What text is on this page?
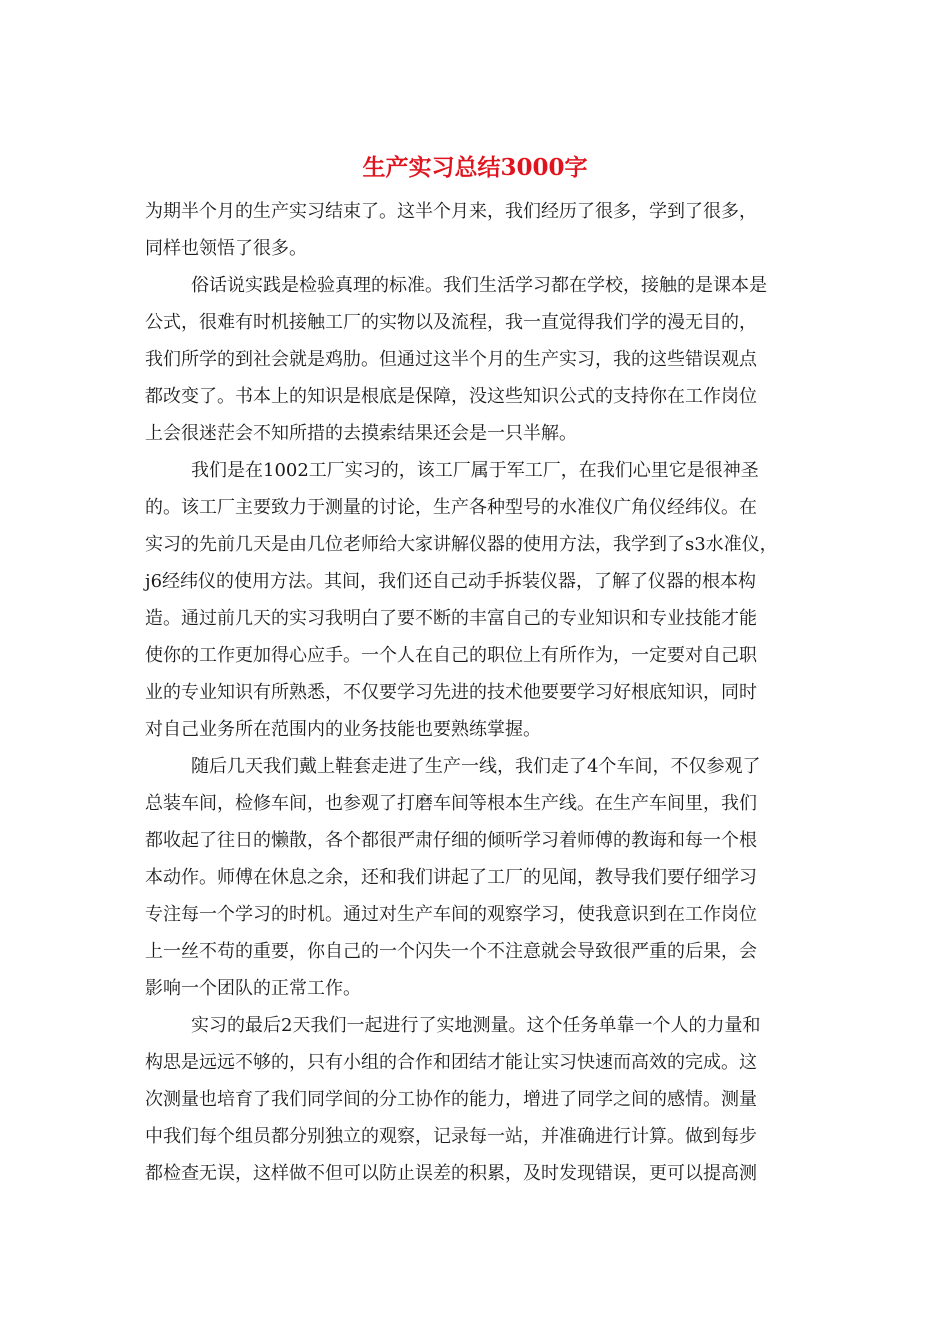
生产实习总结3000字
为期半个月的生产实习结束了。这半个月来，我们经历了很多，学到了很多，
同样也领悟了很多。
俗话说实践是检验真理的标准。我们生活学习都在学校，接触的是课本是
公式，很难有时机接触工厂的实物以及流程，我一直觉得我们学的漫无目的，
我们所学的到社会就是鸡肋。但通过这半个月的生产实习，我的这些错误观点
都改变了。书本上的知识是根底是保障，没这些知识公式的支持你在工作岗位
上会很迷茫会不知所措的去摸索结果还会是一只半解。
我们是在1002工厂实习的，该工厂属于军工厂，在我们心里它是很神圣
的。该工厂主要致力于测量的讨论，生产各种型号的水准仪广角仪经纬仪。在
实习的先前几天是由几位老师给大家讲解仪器的使用方法，我学到了s3水准仪，
j6经纬仪的使用方法。其间，我们还自己动手拆装仪器，了解了仪器的根本构
造。通过前几天的实习我明白了要不断的丰富自己的专业知识和专业技能才能
使你的工作更加得心应手。一个人在自己的职位上有所作为，一定要对自己职
业的专业知识有所熟悉，不仅要学习先进的技术他要要学习好根底知识，同时
对自己业务所在范围内的业务技能也要熟练掌握。
随后几天我们戴上鞋套走进了生产一线，我们走了4个车间，不仅参观了
总装车间，检修车间，也参观了打磨车间等根本生产线。在生产车间里，我们
都收起了往日的懒散，各个都很严肃仔细的倾听学习着师傅的教诲和每一个根
本动作。师傅在休息之余，还和我们讲起了工厂的见闻，教导我们要仔细学习
专注每一个学习的时机。通过对生产车间的观察学习，使我意识到在工作岗位
上一丝不苟的重要，你自己的一个闪失一个不注意就会导致很严重的后果，会
影响一个团队的正常工作。
实习的最后2天我们一起进行了实地测量。这个任务单靠一个人的力量和
构思是远远不够的，只有小组的合作和团结才能让实习快速而高效的完成。这
次测量也培育了我们同学间的分工协作的能力，增进了同学之间的感情。测量
中我们每个组员都分别独立的观察，记录每一站，并准确进行计算。做到每步
都检查无误，这样做不但可以防止误差的积累，及时发现错误，更可以提高测
